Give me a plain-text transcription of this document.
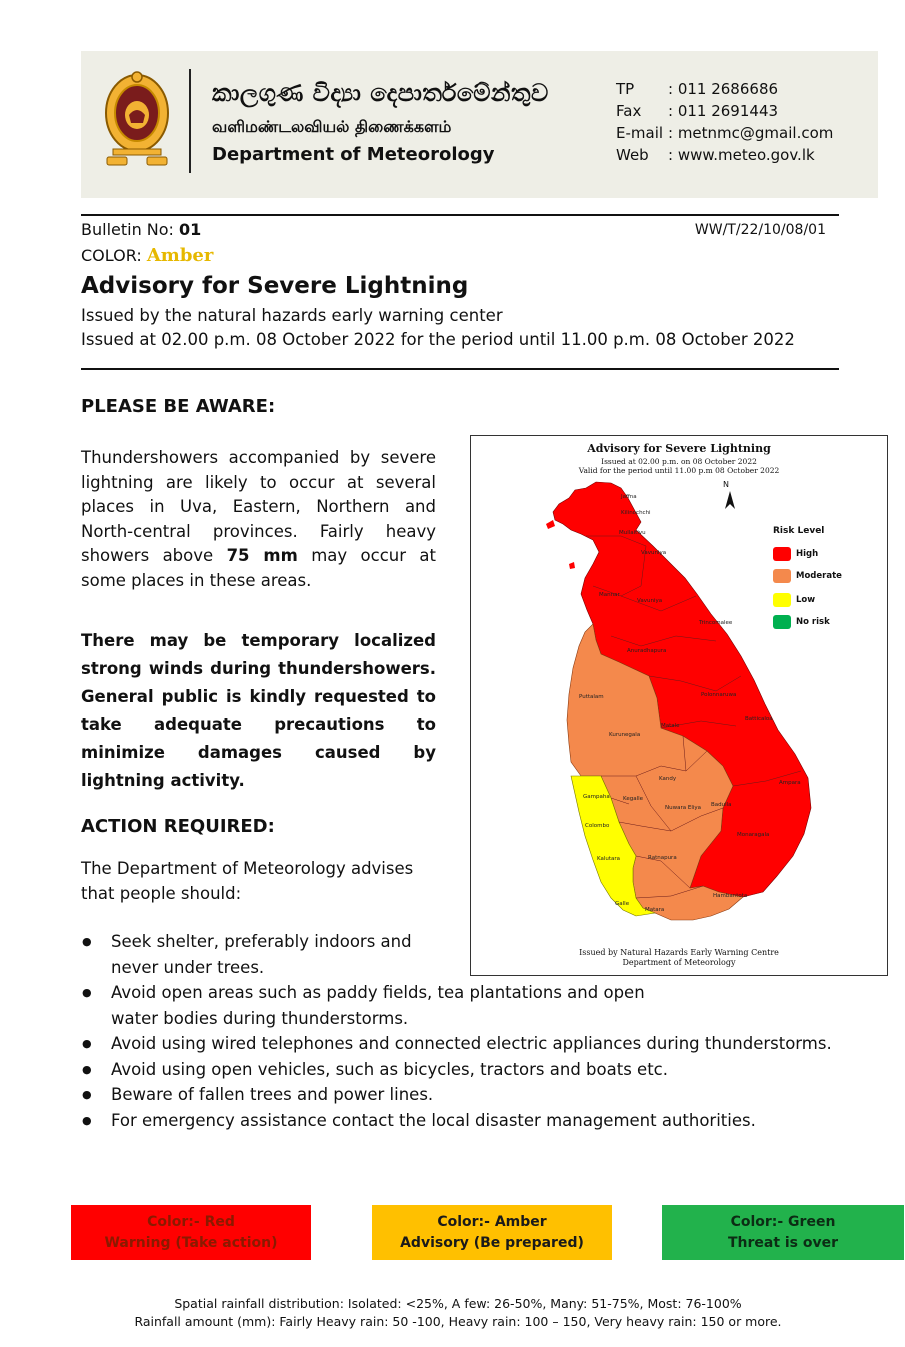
කාලගුණ විද්‍යා දෙපාර්තමේන්තුව
வளிமண்டலவியல் திணைக்களம்
Department of Meteorology
TP	: 011 2686686
Fax	: 011 2691443
E-mail : metnmc@gmail.com
Web	: www.meteo.gov.lk
Bulletin No: 01
COLOR: Amber
WW/T/22/10/08/01
Advisory for Severe Lightning
Issued by the natural hazards early warning center
Issued at 02.00 p.m. 08 October 2022 for the period until 11.00 p.m. 08 October 2022
PLEASE BE AWARE:
Thundershowers accompanied by severe lightning are likely to occur at several places in Uva, Eastern, Northern and North-central provinces. Fairly heavy showers above 75 mm may occur at some places in these areas.
There may be temporary localized strong winds during thundershowers. General public is kindly requested to take adequate precautions to minimize damages caused by lightning activity.
ACTION REQUIRED:
The Department of Meteorology advises that people should:
● Seek shelter, preferably indoors and never under trees.
● Avoid open areas such as paddy fields, tea plantations and open water bodies during thunderstorms.
● Avoid using wired telephones and connected electric appliances during thunderstorms.
● Avoid using open vehicles, such as bicycles, tractors and boats etc.
● Beware of fallen trees and power lines.
● For emergency assistance contact the local disaster management authorities.
Advisory for Severe Lightning
Issued at 02.00 p.m. on 08 October 2022
Valid for the period until 11.00 p.m 08 October 2022
N
Jaffna
Kilinochchi
Mullaitivu
Vavuniya
Mannar
Vavuniya
Trincomalee
Anuradhapura
Polonnaruwa
Puttalam
Batticaloa
Matale
Kurunegala
Ampara
Kandy
Gampaha Kegalle
Nuwara Eliya Badulla
Colombo
Monaragala
Kalutara	Ratnapura
Hambantota
Galle
Matara
Risk Level
High
Moderate
Low
No risk
Issued by Natural Hazards Early Warning Centre
Department of Meteorology
Color:- Red
Warning (Take action)
Color:- Amber
Advisory (Be prepared)
Color:- Green
Threat is over
Spatial rainfall distribution: Isolated: <25%, A few: 26-50%, Many: 51-75%, Most: 76-100%
Rainfall amount (mm): Fairly Heavy rain: 50 -100, Heavy rain: 100 – 150, Very heavy rain: 150 or more.
